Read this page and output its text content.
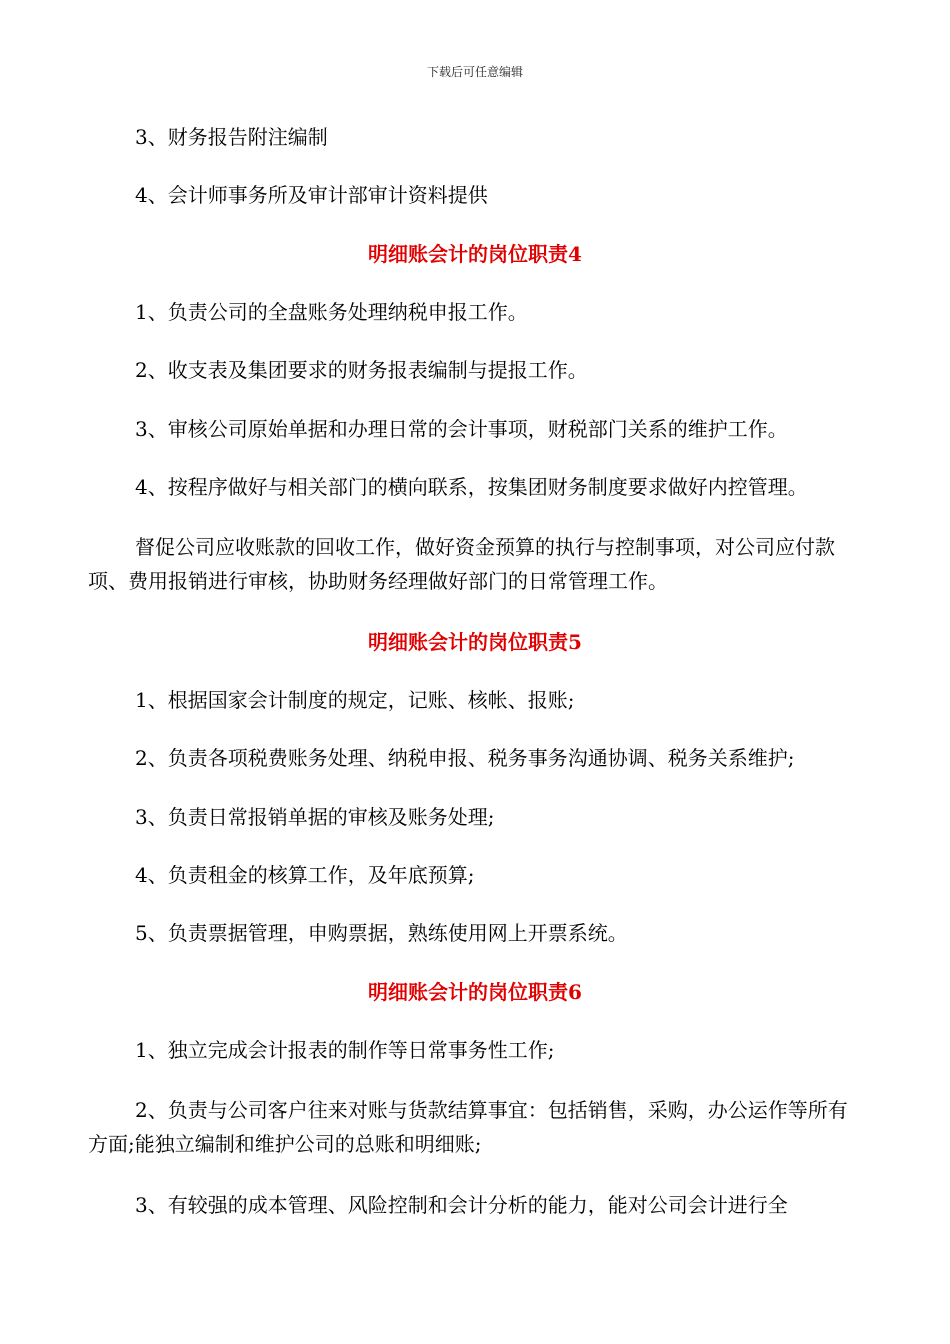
下载后可任意编辑
3、财务报告附注编制
4、会计师事务所及审计部审计资料提供
明细账会计的岗位职责4
1、负责公司的全盘账务处理纳税申报工作。
2、收支表及集团要求的财务报表编制与提报工作。
3、审核公司原始单据和办理日常的会计事项，财税部门关系的维护工作。
4、按程序做好与相关部门的横向联系，按集团财务制度要求做好内控管理。
督促公司应收账款的回收工作，做好资金预算的执行与控制事项，对公司应付款项、费用报销进行审核，协助财务经理做好部门的日常管理工作。
明细账会计的岗位职责5
1、根据国家会计制度的规定，记账、核帐、报账;
2、负责各项税费账务处理、纳税申报、税务事务沟通协调、税务关系维护;
3、负责日常报销单据的审核及账务处理;
4、负责租金的核算工作，及年底预算;
5、负责票据管理，申购票据，熟练使用网上开票系统。
明细账会计的岗位职责6
1、独立完成会计报表的制作等日常事务性工作;
2、负责与公司客户往来对账与货款结算事宜：包括销售，采购，办公运作等所有方面;能独立编制和维护公司的总账和明细账;
3、有较强的成本管理、风险控制和会计分析的能力，能对公司会计进行全
